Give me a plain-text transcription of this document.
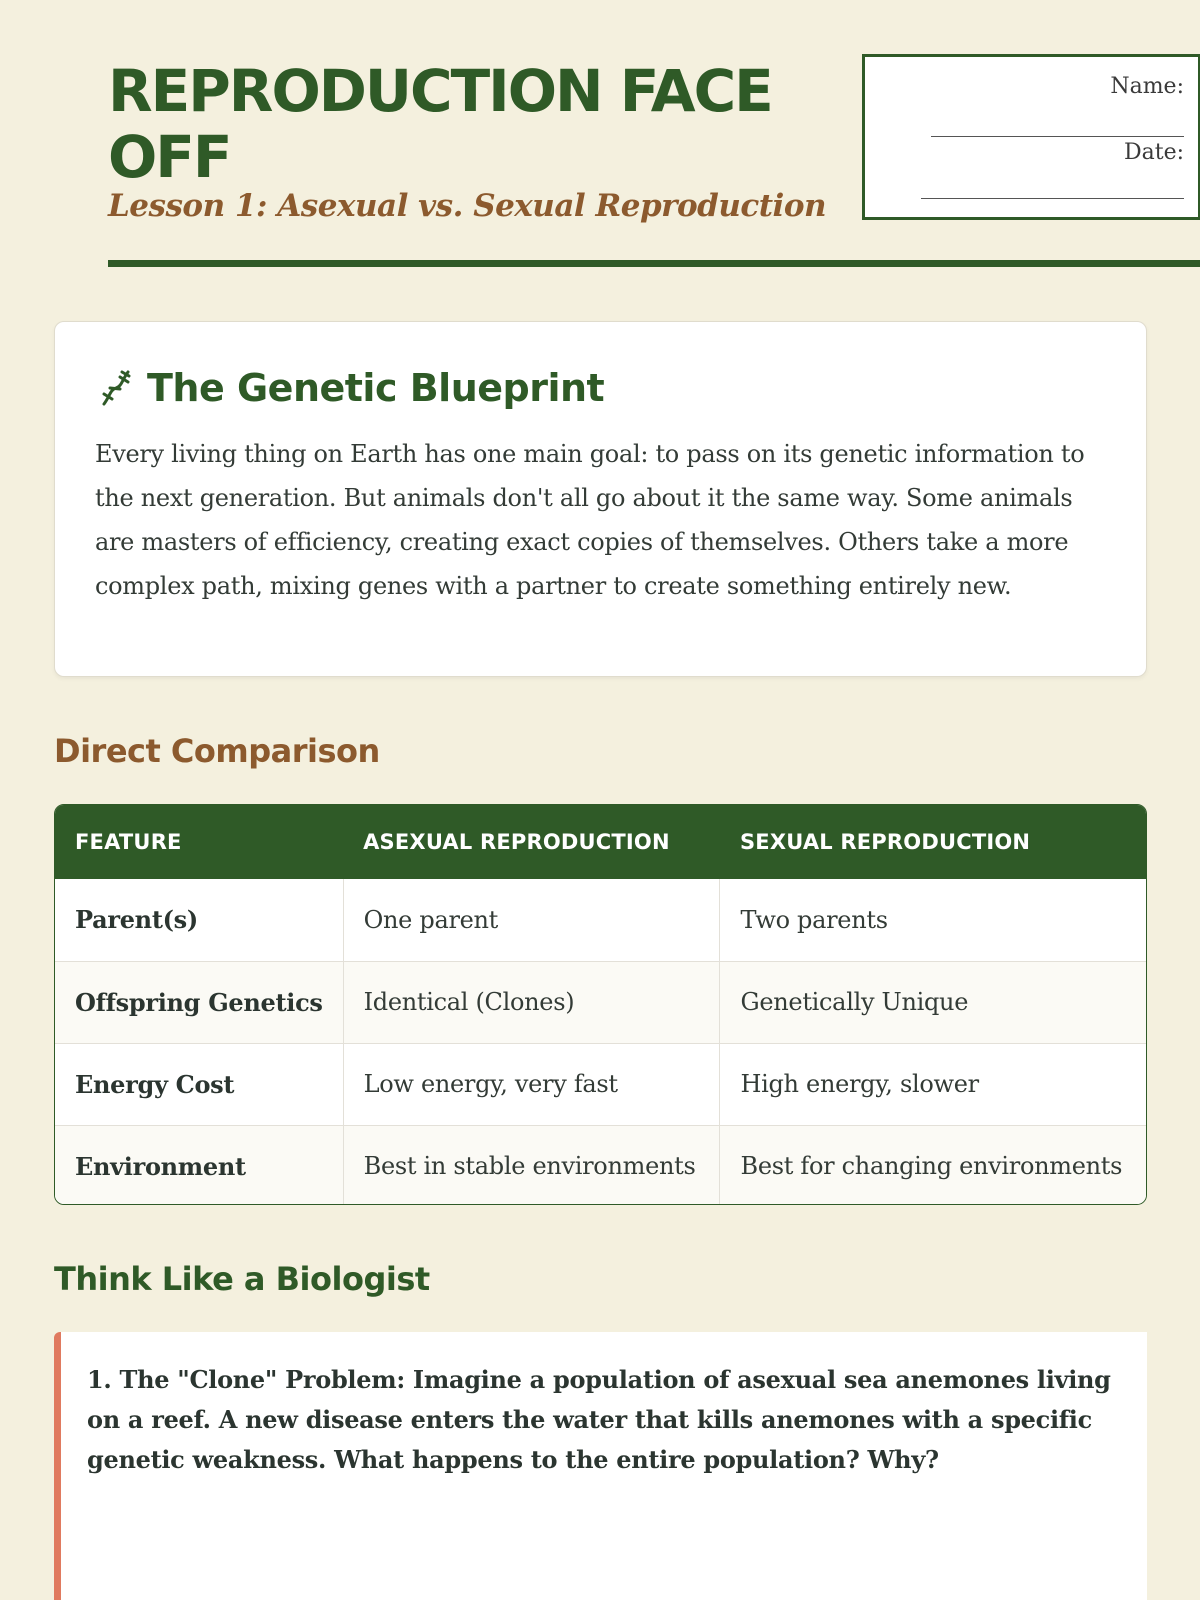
REPRODUCTION FACE OFF
Lesson 1: Asexual vs. Sexual Reproduction
Name:
Date:
The Genetic Blueprint

Every living thing on Earth has one main goal: to pass on its genetic information to the next generation. But animals don't all go about it the same way. Some animals are masters of efficiency, creating exact copies of themselves. Others take a more complex path, mixing genes with a partner to create something entirely new.

Direct Comparison
FEATURE	ASEXUAL REPRODUCTION	SEXUAL REPRODUCTION
Parent(s)	One parent	Two parents
Offspring Genetics	Identical (Clones)	Genetically Unique
Energy Cost	Low energy, very fast	High energy, slower
Environment	Best in stable environments	Best for changing environments
Think Like a Biologist

1. The "Clone" Problem: Imagine a population of asexual sea anemones living on a reef. A new disease enters the water that kills anemones with a specific genetic weakness. What happens to the entire population? Why?
